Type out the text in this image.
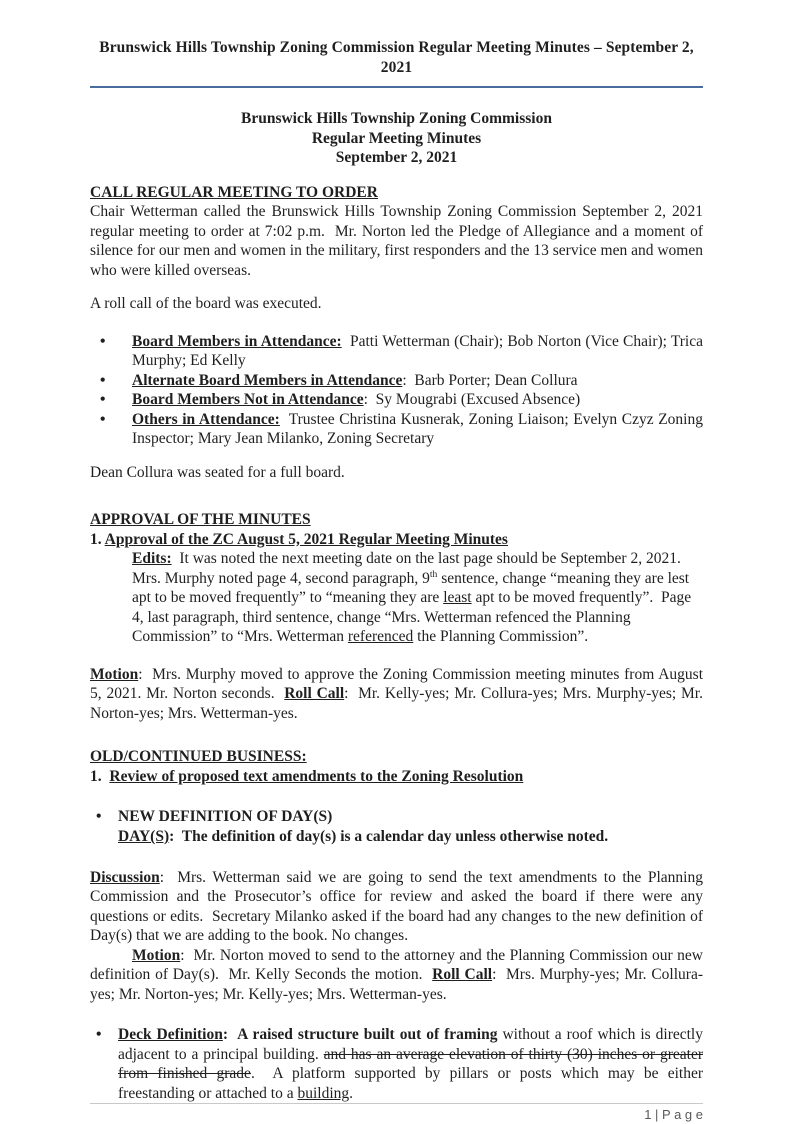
Brunswick Hills Township Zoning Commission Regular Meeting Minutes – September 2, 2021
Brunswick Hills Township Zoning Commission
Regular Meeting Minutes
September 2, 2021
CALL REGULAR MEETING TO ORDER

Chair Wetterman called the Brunswick Hills Township Zoning Commission September 2, 2021 regular meeting to order at 7:02 p.m.  Mr. Norton led the Pledge of Allegiance and a moment of silence for our men and women in the military, first responders and the 13 service men and women who were killed overseas.

A roll call of the board was executed.

• Board Members in Attendance:  Patti Wetterman (Chair); Bob Norton (Vice Chair); Trica Murphy; Ed Kelly
• Alternate Board Members in Attendance:  Barb Porter; Dean Collura
• Board Members Not in Attendance:  Sy Mougrabi (Excused Absence)
• Others in Attendance:  Trustee Christina Kusnerak, Zoning Liaison; Evelyn Czyz Zoning Inspector; Mary Jean Milanko, Zoning Secretary

Dean Collura was seated for a full board.

APPROVAL OF THE MINUTES

1. Approval of the ZC August 5, 2021 Regular Meeting Minutes

Edits:  It was noted the next meeting date on the last page should be September 2, 2021.  Mrs. Murphy noted page 4, second paragraph, 9th sentence, change “meaning they are lest apt to be moved frequently” to “meaning they are least apt to be moved frequently”.  Page 4, last paragraph, third sentence, change “Mrs. Wetterman refenced the Planning Commission” to “Mrs. Wetterman referenced the Planning Commission”.

Motion:  Mrs. Murphy moved to approve the Zoning Commission meeting minutes from August 5, 2021. Mr. Norton seconds.  Roll Call:  Mr. Kelly-yes; Mr. Collura-yes; Mrs. Murphy-yes; Mr. Norton-yes; Mrs. Wetterman-yes.

OLD/CONTINUED BUSINESS:

1.  Review of proposed text amendments to the Zoning Resolution

• NEW DEFINITION OF DAY(S)
DAY(S):  The definition of day(s) is a calendar day unless otherwise noted.

Discussion:  Mrs. Wetterman said we are going to send the text amendments to the Planning Commission and the Prosecutor’s office for review and asked the board if there were any questions or edits.  Secretary Milanko asked if the board had any changes to the new definition of Day(s) that we are adding to the book. No changes.

Motion:  Mr. Norton moved to send to the attorney and the Planning Commission our new definition of Day(s).  Mr. Kelly Seconds the motion.  Roll Call:  Mrs. Murphy-yes; Mr. Collura-yes; Mr. Norton-yes; Mr. Kelly-yes; Mrs. Wetterman-yes.

• Deck Definition:  A raised structure built out of framing without a roof which is directly adjacent to a principal building. and has an average elevation of thirty (30) inches or greater from finished grade.  A platform supported by pillars or posts which may be either freestanding or attached to a building.
1 | P a g e
